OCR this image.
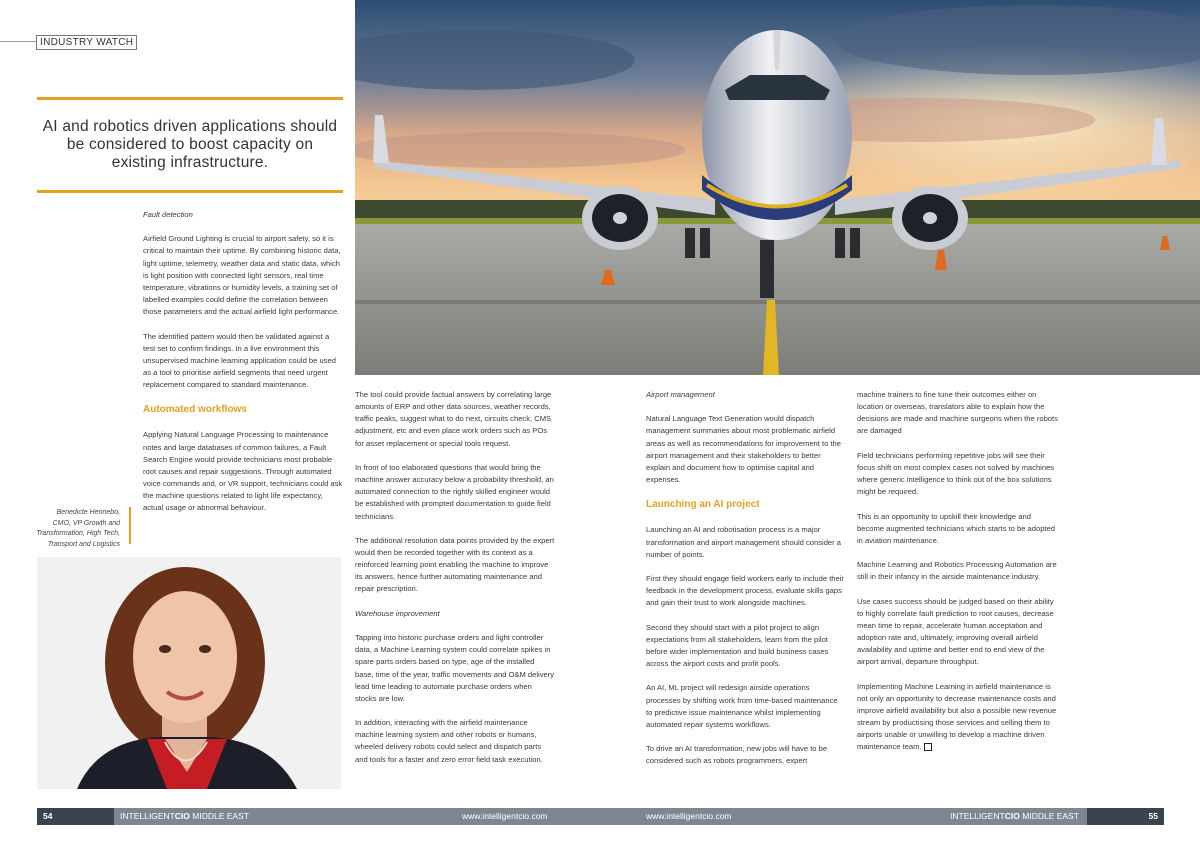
INDUSTRY WATCH
AI and robotics driven applications should be considered to boost capacity on existing infrastructure.

Fault detection

Airfield Ground Lighting is crucial to airport safety, so it is critical to maintain their uptime. By combining historic data, light uptime, telemetry, weather data and static data, which is light position with connected light sensors, real time temperature, vibrations or humidity levels, a training set of labelled examples could define the correlation between those parameters and the actual airfield light performance.

The identified pattern would then be validated against a test set to confirm findings. In a live environment this unsupervised machine learning application could be used as a tool to prioritise airfield segments that need urgent replacement compared to standard maintenance.

Automated workflows

Applying Natural Language Processing to maintenance notes and large databases of common failures, a Fault Search Engine would provide technicians most probable root causes and repair suggestions. Through automated voice commands and, or VR support, technicians could ask the machine questions related to light life expectancy, actual usage or abnormal behaviour.

Benedicte Hennebo,
CMO, VP Growth and
Transformation, High Tech,
Transport and Logistics

The tool could provide factual answers by correlating large amounts of ERP and other data sources, weather records, traffic peaks, suggest what to do next, circuits check, CMS adjustment, etc and even place work orders such as POs for asset replacement or special tools request.

In front of too elaborated questions that would bring the machine answer accuracy below a probability threshold, an automated connection to the rightly skilled engineer would be established with prompted documentation to guide field technicians.

The additional resolution data points provided by the expert would then be recorded together with its context as a reinforced learning point enabling the machine to improve its answers, hence further automating maintenance and repair prescription.

Warehouse improvement

Tapping into historic purchase orders and light controller data, a Machine Learning system could correlate spikes in spare parts orders based on type, age of the installed base, time of the year, traffic movements and O&M delivery lead time leading to automate purchase orders when stocks are low.

In addition, interacting with the airfield maintenance machine learning system and other robots or humans, wheeled delivery robots could select and dispatch parts and tools for a faster and zero error field task execution.

Airport management

Natural Language Text Generation would dispatch management summaries about most problematic airfield areas as well as recommendations for improvement to the airport management and their stakeholders to better explain and document how to optimise capital and expenses.

Launching an AI project

Launching an AI and robotisation process is a major transformation and airport management should consider a number of points.

First they should engage field workers early to include their feedback in the development process, evaluate skills gaps and gain their trust to work alongside machines.

Second they should start with a pilot project to align expectations from all stakeholders, learn from the pilot before wider implementation and build business cases across the airport costs and profit pools.

An AI, ML project will redesign airside operations processes by shifting work from time-based maintenance to predictive issue maintenance whilst implementing automated repair systems workflows.

To drive an AI transformation, new jobs will have to be considered such as robots programmers, expert

machine trainers to fine tune their outcomes either on location or overseas, translators able to explain how the decisions are made and machine surgeons when the robots are damaged

Field technicians performing repetitive jobs will see their focus shift on most complex cases not solved by machines where generic intelligence to think out of the box solutions might be required.

This is an opportunity to upskill their knowledge and become augmented technicians which starts to be adopted in aviation maintenance.

Machine Learning and Robotics Processing Automation are still in their infancy in the airside maintenance industry.

Use cases success should be judged based on their ability to highly correlate fault prediction to root causes, decrease mean time to repair, accelerate human acceptation and adoption rate and, ultimately, improving overall airfield availability and uptime and better end to end view of the airport arrival, departure throughput.

Implementing Machine Learning in airfield maintenance is not only an opportunity to decrease maintenance costs and improve airfield availability but also a possible new revenue stream by productising those services and selling them to airports unable or unwilling to develop a machine driven maintenance team.

54	INTELLIGENTCIO MIDDLE EAST	www.intelligentcio.com	www.intelligentcio.com	INTELLIGENTCIO MIDDLE EAST	55
